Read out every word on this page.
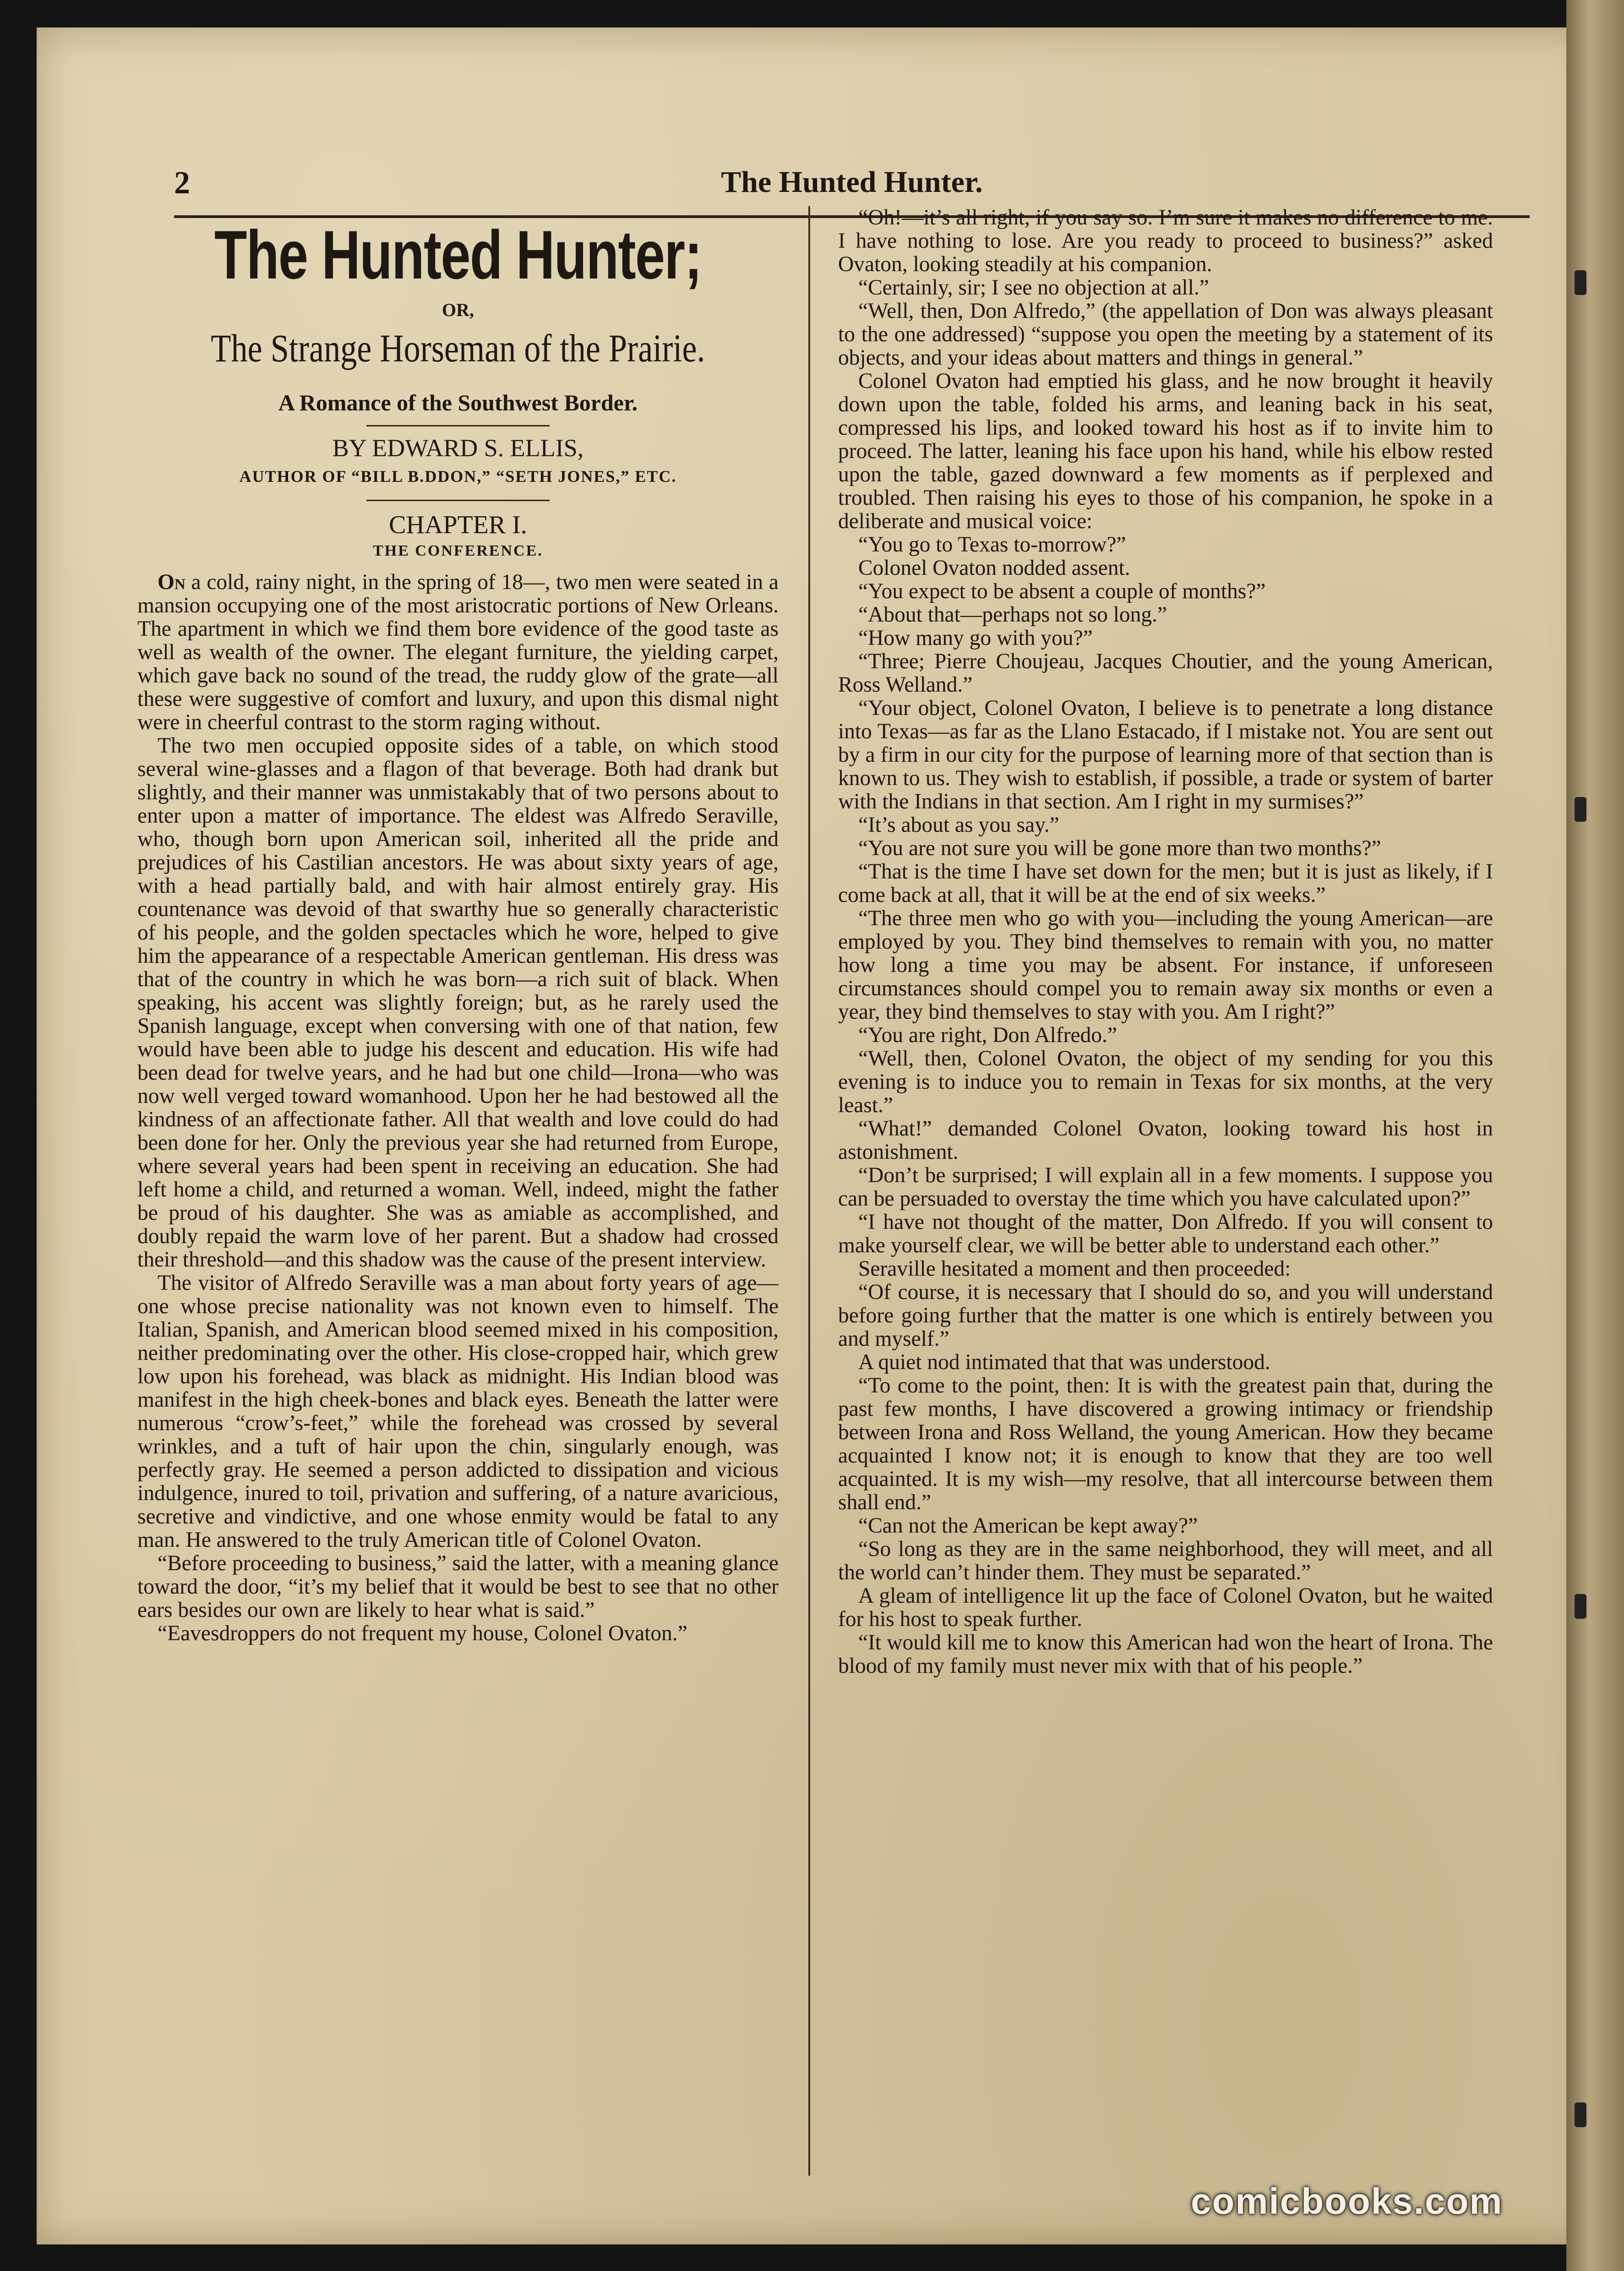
2	The Hunted Hunter.
The Hunted Hunter;
OR,
The Strange Horseman of the Prairie.
A Romance of the Southwest Border.
BY EDWARD S. ELLIS,
AUTHOR OF “BILL B.DDON,” “SETH JONES,” ETC.
CHAPTER I.
THE CONFERENCE.

On a cold, rainy night, in the spring of 18—, two men were seated in a mansion occupying one of the most aristocratic portions of New Orleans. The apartment in which we find them bore evidence of the good taste as well as wealth of the owner. The elegant furniture, the yielding carpet, which gave back no sound of the tread, the ruddy glow of the grate—all these were suggestive of comfort and luxury, and upon this dismal night were in cheerful contrast to the storm raging without.

The two men occupied opposite sides of a table, on which stood several wine-glasses and a flagon of that beverage. Both had drank but slightly, and their manner was unmistakably that of two persons about to enter upon a matter of importance. The eldest was Alfredo Seraville, who, though born upon American soil, inherited all the pride and prejudices of his Castilian ancestors. He was about sixty years of age, with a head partially bald, and with hair almost entirely gray. His countenance was devoid of that swarthy hue so generally characteristic of his people, and the golden spectacles which he wore, helped to give him the appearance of a respectable American gentleman. His dress was that of the country in which he was born—a rich suit of black. When speaking, his accent was slightly foreign; but, as he rarely used the Spanish language, except when conversing with one of that nation, few would have been able to judge his descent and education. His wife had been dead for twelve years, and he had but one child—Irona—who was now well verged toward womanhood. Upon her he had bestowed all the kindness of an affectionate father. All that wealth and love could do had been done for her. Only the previous year she had returned from Europe, where several years had been spent in receiving an education. She had left home a child, and returned a woman. Well, indeed, might the father be proud of his daughter. She was as amiable as accomplished, and doubly repaid the warm love of her parent. But a shadow had crossed their threshold—and this shadow was the cause of the present interview.

The visitor of Alfredo Seraville was a man about forty years of age—one whose precise nationality was not known even to himself. The Italian, Spanish, and American blood seemed mixed in his composition, neither predominating over the other. His close-cropped hair, which grew low upon his forehead, was black as midnight. His Indian blood was manifest in the high cheek-bones and black eyes. Beneath the latter were numerous “crow’s-feet,” while the forehead was crossed by several wrinkles, and a tuft of hair upon the chin, singularly enough, was perfectly gray. He seemed a person addicted to dissipation and vicious indulgence, inured to toil, privation and suffering, of a nature avaricious, secretive and vindictive, and one whose enmity would be fatal to any man. He answered to the truly American title of Colonel Ovaton.

“Before proceeding to business,” said the latter, with a meaning glance toward the door, “it’s my belief that it would be best to see that no other ears besides our own are likely to hear what is said.”

“Eavesdroppers do not frequent my house, Colonel Ovaton.”

“Oh!—it’s all right, if you say so. I’m sure it makes no difference to me. I have nothing to lose. Are you ready to proceed to business?” asked Ovaton, looking steadily at his companion.

“Certainly, sir; I see no objection at all.”

“Well, then, Don Alfredo,” (the appellation of Don was always pleasant to the one addressed) “suppose you open the meeting by a statement of its objects, and your ideas about matters and things in general.”

Colonel Ovaton had emptied his glass, and he now brought it heavily down upon the table, folded his arms, and leaning back in his seat, compressed his lips, and looked toward his host as if to invite him to proceed. The latter, leaning his face upon his hand, while his elbow rested upon the table, gazed downward a few moments as if perplexed and troubled. Then raising his eyes to those of his companion, he spoke in a deliberate and musical voice:

“You go to Texas to-morrow?”

Colonel Ovaton nodded assent.

“You expect to be absent a couple of months?”

“About that—perhaps not so long.”

“How many go with you?”

“Three; Pierre Choujeau, Jacques Choutier, and the young American, Ross Welland.”

“Your object, Colonel Ovaton, I believe is to penetrate a long distance into Texas—as far as the Llano Estacado, if I mistake not. You are sent out by a firm in our city for the purpose of learning more of that section than is known to us. They wish to establish, if possible, a trade or system of barter with the Indians in that section. Am I right in my surmises?”

“It’s about as you say.”

“You are not sure you will be gone more than two months?”

“That is the time I have set down for the men; but it is just as likely, if I come back at all, that it will be at the end of six weeks.”

“The three men who go with you—including the young American—are employed by you. They bind themselves to remain with you, no matter how long a time you may be absent. For instance, if unforeseen circumstances should compel you to remain away six months or even a year, they bind themselves to stay with you. Am I right?”

“You are right, Don Alfredo.”

“Well, then, Colonel Ovaton, the object of my sending for you this evening is to induce you to remain in Texas for six months, at the very least.”

“What!” demanded Colonel Ovaton, looking toward his host in astonishment.

“Don’t be surprised; I will explain all in a few moments. I suppose you can be persuaded to overstay the time which you have calculated upon?”

“I have not thought of the matter, Don Alfredo. If you will consent to make yourself clear, we will be better able to understand each other.”

Seraville hesitated a moment and then proceeded:

“Of course, it is necessary that I should do so, and you will understand before going further that the matter is one which is entirely between you and myself.”

A quiet nod intimated that that was understood.

“To come to the point, then: It is with the greatest pain that, during the past few months, I have discovered a growing intimacy or friendship between Irona and Ross Welland, the young American. How they became acquainted I know not; it is enough to know that they are too well acquainted. It is my wish—my resolve, that all intercourse between them shall end.”

“Can not the American be kept away?”

“So long as they are in the same neighborhood, they will meet, and all the world can’t hinder them. They must be separated.”

A gleam of intelligence lit up the face of Colonel Ovaton, but he waited for his host to speak further.

“It would kill me to know this American had won the heart of Irona. The blood of my family must never mix with that of his people.”

comicbooks.com
